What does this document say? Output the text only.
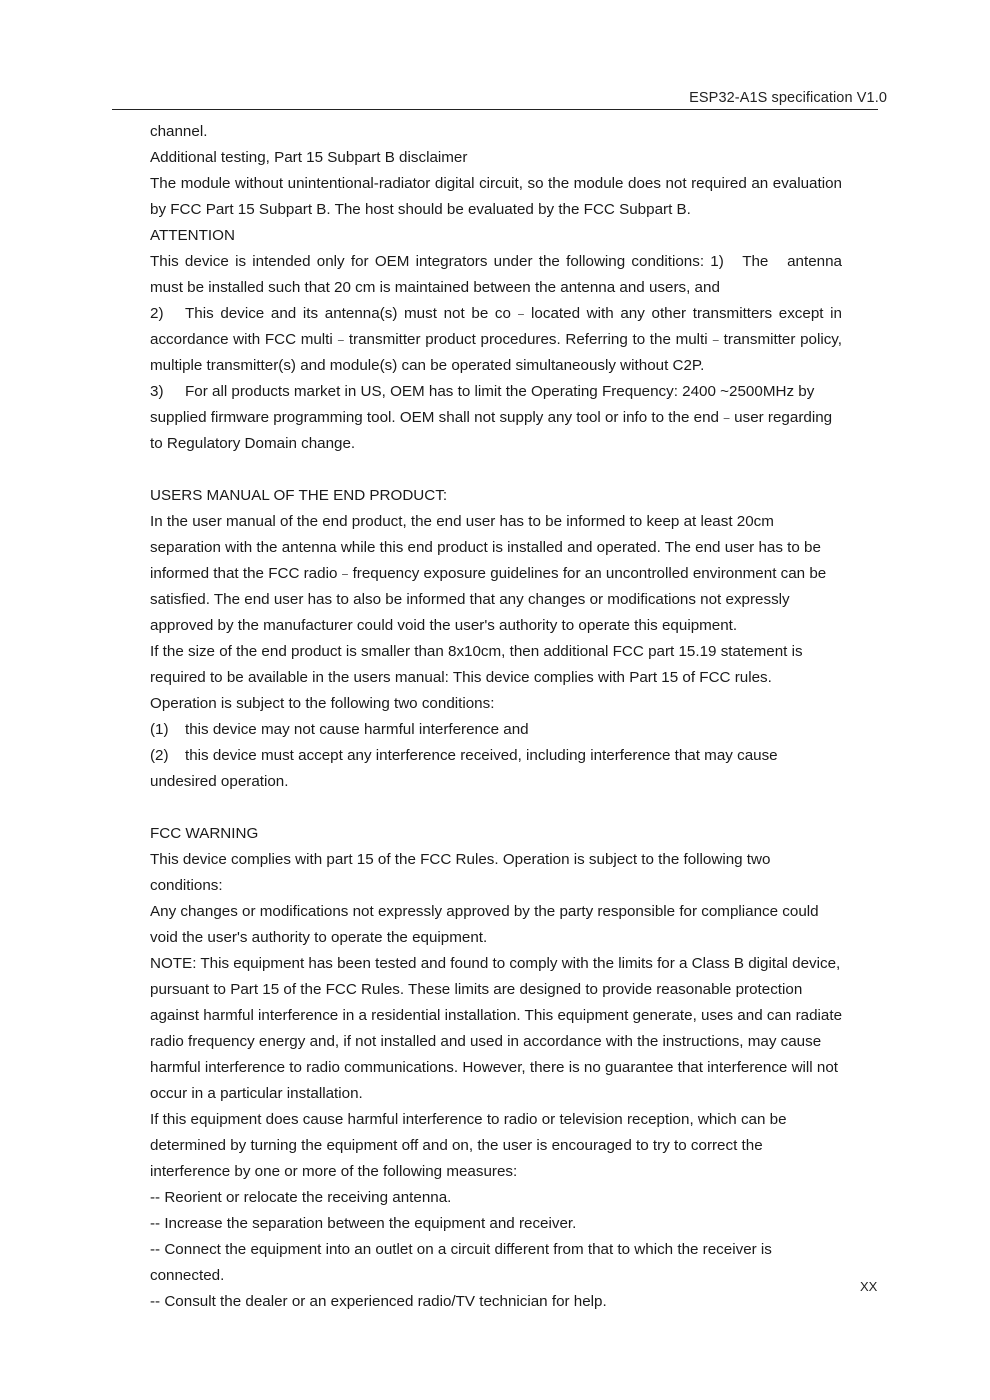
ESP32-A1S specification V1.0

channel.

Additional testing, Part 15 Subpart B disclaimer

The module without unintentional-radiator digital circuit, so the module does not required an evaluation by FCC Part 15 Subpart B. The host should be evaluated by the FCC Subpart B.

ATTENTION

This device is intended only for OEM integrators under the following conditions: 1)   The   antenna must be installed such that 20 cm is maintained between the antenna and users, and

2) This device and its antenna(s) must not be co﹣located with any other transmitters except in accordance with FCC multi﹣transmitter product procedures. Referring to the multi﹣transmitter policy, multiple transmitter(s) and module(s) can be operated simultaneously without C2P.

3) For all products market in US, OEM has to limit the Operating Frequency: 2400 ~2500MHz by supplied firmware programming tool. OEM shall not supply any tool or info to the end﹣user regarding to Regulatory Domain change.

USERS MANUAL OF THE END PRODUCT:

In the user manual of the end product, the end user has to be informed to keep at least 20cm separation with the antenna while this end product is installed and operated. The end user has to be informed that the FCC radio﹣frequency exposure guidelines for an uncontrolled environment can be satisfied. The end user has to also be informed that any changes or modifications not expressly approved by the manufacturer could void the user's authority to operate this equipment.

If the size of the end product is smaller than 8x10cm, then additional FCC part 15.19 statement is required to be available in the users manual: This device complies with Part 15 of FCC rules. Operation is subject to the following two conditions:

(1) this device may not cause harmful interference and

(2) this device must accept any interference received, including interference that may cause undesired operation.

FCC WARNING

This device complies with part 15 of the FCC Rules. Operation is subject to the following two conditions:

Any changes or modifications not expressly approved by the party responsible for compliance could void the user's authority to operate the equipment.

NOTE: This equipment has been tested and found to comply with the limits for a Class B digital device, pursuant to Part 15 of the FCC Rules. These limits are designed to provide reasonable protection against harmful interference in a residential installation. This equipment generate, uses and can radiate radio frequency energy and, if not installed and used in accordance with the instructions, may cause harmful interference to radio communications. However, there is no guarantee that interference will not occur in a particular installation.

If this equipment does cause harmful interference to radio or television reception, which can be determined by turning the equipment off and on, the user is encouraged to try to correct the interference by one or more of the following measures:

-- Reorient or relocate the receiving antenna.

-- Increase the separation between the equipment and receiver.

-- Connect the equipment into an outlet on a circuit different from that to which the receiver is connected.

-- Consult the dealer or an experienced radio/TV technician for help.

XX
